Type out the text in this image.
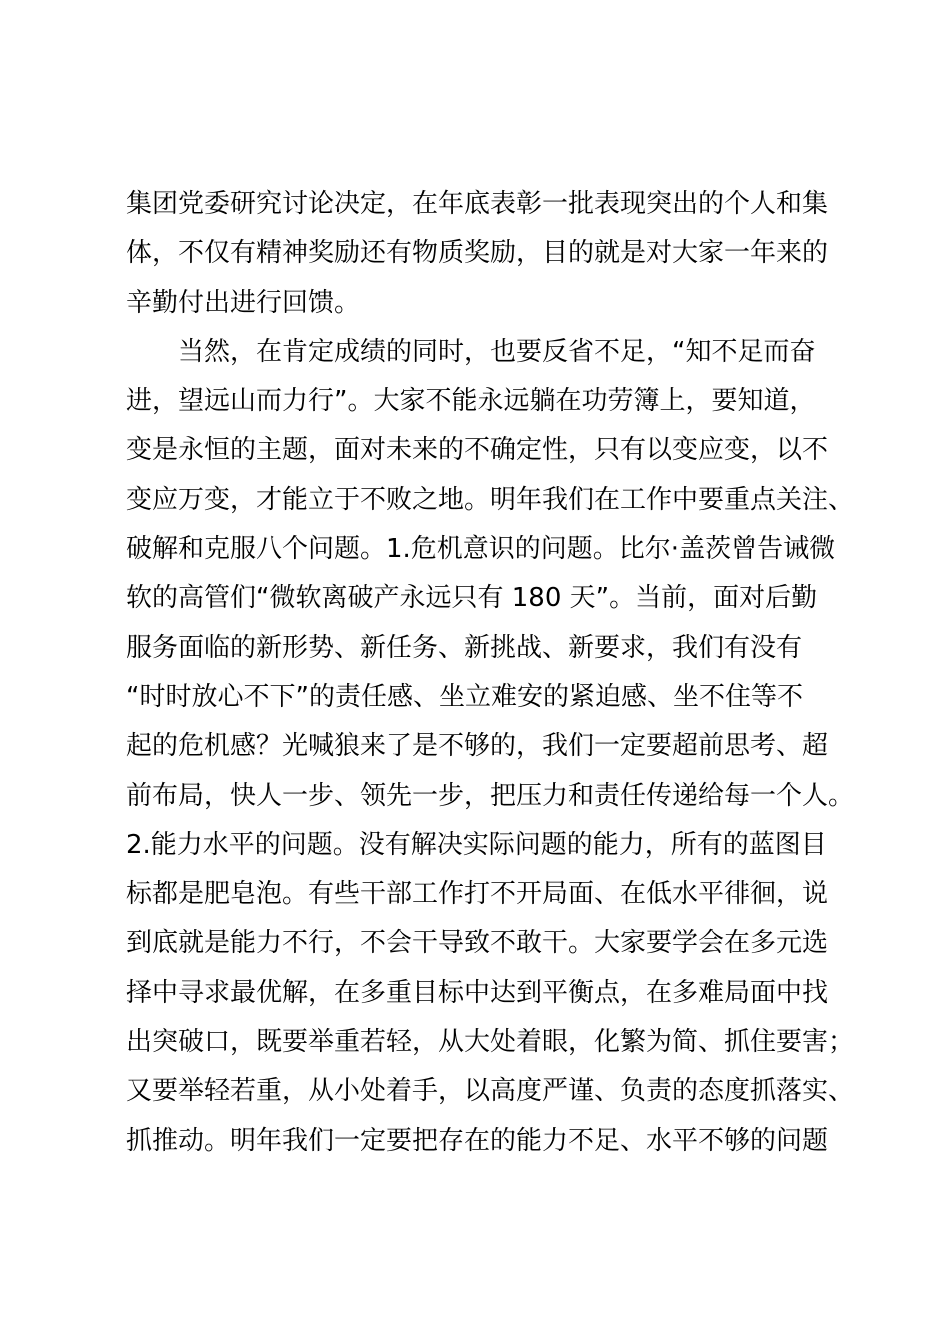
集团党委研究讨论决定，在年底表彰一批表现突出的个人和集
体，不仅有精神奖励还有物质奖励，目的就是对大家一年来的
辛勤付出进行回馈。
　　当然，在肯定成绩的同时，也要反省不足，“知不足而奋
进，望远山而力行”。大家不能永远躺在功劳簿上，要知道，
变是永恒的主题，面对未来的不确定性，只有以变应变，以不
变应万变，才能立于不败之地。明年我们在工作中要重点关注、
破解和克服八个问题。1.危机意识的问题。比尔·盖茨曾告诫微
软的高管们“微软离破产永远只有 180 天”。当前，面对后勤
服务面临的新形势、新任务、新挑战、新要求，我们有没有
“时时放心不下”的责任感、坐立难安的紧迫感、坐不住等不
起的危机感？光喊狼来了是不够的，我们一定要超前思考、超
前布局，快人一步、领先一步，把压力和责任传递给每一个人。
2.能力水平的问题。没有解决实际问题的能力，所有的蓝图目
标都是肥皂泡。有些干部工作打不开局面、在低水平徘徊，说
到底就是能力不行，不会干导致不敢干。大家要学会在多元选
择中寻求最优解，在多重目标中达到平衡点，在多难局面中找
出突破口，既要举重若轻，从大处着眼，化繁为简、抓住要害；
又要举轻若重，从小处着手，以高度严谨、负责的态度抓落实、
抓推动。明年我们一定要把存在的能力不足、水平不够的问题
